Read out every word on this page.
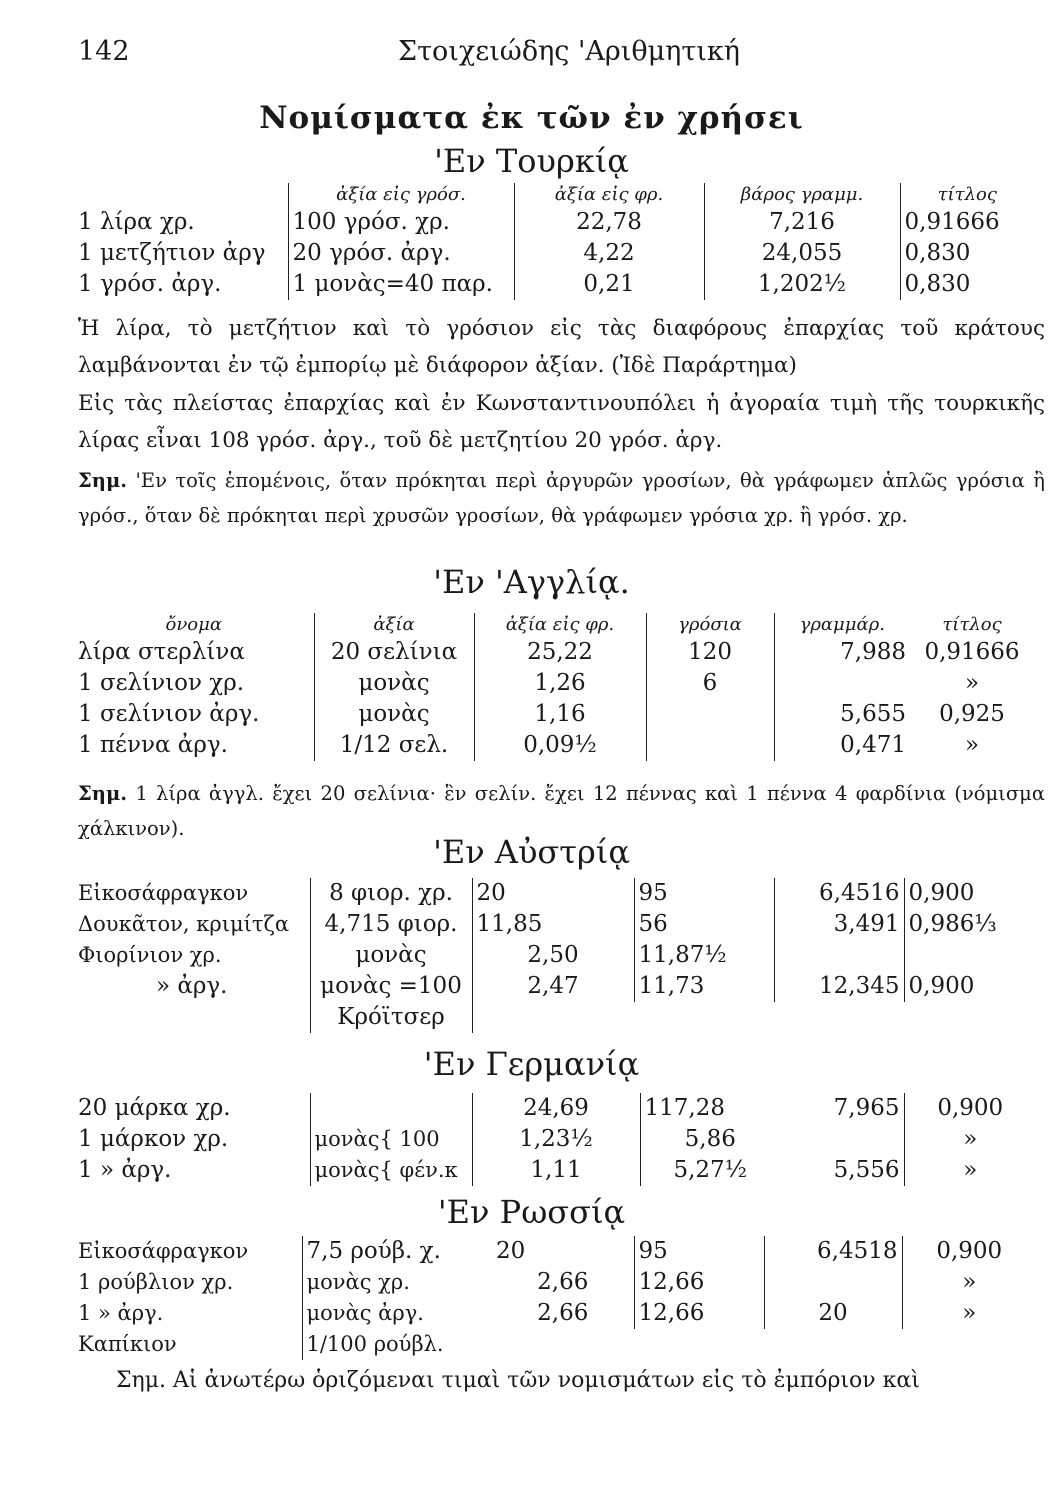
142	Στοιχειώδης 'Αριθμητική
Νομίσματα ἐκ τῶν ἐν χρήσει
'Εν Τουρκίᾳ
	ἀξία εἰς γρόσ.	ἀξία εἰς φρ.	βάρος γραμμ.	τίτλος
1 λίρα χρ.	100 γρόσ. χρ.	22,78	7,216	0,91666
1 μετζήτιον ἀργ	20 γρόσ. ἀργ.	4,22	24,055	0,830
1 γρόσ. ἀργ.	1 μονὰς=40 παρ.	0,21	1,202½	0,830
Ἡ λίρα, τὸ μετζήτιον καὶ τὸ γρόσιον εἰς τὰς διαφόρους ἐπαρχίας τοῦ κράτους λαμβάνονται ἐν τῷ ἐμπορίῳ μὲ διάφορον ἀξίαν. (Ἰδὲ Παράρτημα)
Εἰς τὰς πλείστας ἐπαρχίας καὶ ἐν Κωνσταντινουπόλει ἡ ἀγοραία τιμὴ τῆς τουρκικῆς λίρας εἶναι 108 γρόσ. ἀργ., τοῦ δὲ μετζητίου 20 γρόσ. ἀργ.
Σημ. 'Εν τοῖς ἑπομένοις, ὅταν πρόκηται περὶ ἀργυρῶν γροσίων, θὰ γράφωμεν ἁπλῶς γρόσια ἢ γρόσ., ὅταν δὲ πρόκηται περὶ χρυσῶν γροσίων, θὰ γράφωμεν γρόσια χρ. ἢ γρόσ. χρ.
'Εν 'Αγγλίᾳ.
ὄνομα	ἀξία	ἀξία εἰς φρ.	γρόσια	γραμμάρ.	τίτλος
λίρα στερλίνα	20 σελίνια	25,22	120	7,988	0,91666
1 σελίνιον χρ.	μονὰς	1,26	6		»
1 σελίνιον ἀργ.	μονὰς	1,16		5,655	0,925
1 πέννα ἀργ.	1/12 σελ.	0,09½		0,471	»
Σημ. 1 λίρα ἀγγλ. ἔχει 20 σελίνια· ἓν σελίν. ἔχει 12 πέννας καὶ 1 πέννα 4 φαρδίνια (νόμισμα χάλκινον).
'Εν Αὐστρίᾳ
Εἰκοσάφραγκον	8 φιορ. χρ.	20	95	6,4516	0,900
Δουκᾶτον, κριμίτζα	4,715 φιορ.	11,85	56	3,491	0,986⅓
Φιορίνιον χρ.	μονὰς	2,50	11,87½		
» ἀργ.	μονὰς =100	2,47	11,73	12,345	0,900
	Κρόϊτσερ				
'Εν Γερμανίᾳ
20 μάρκα χρ.		24,69	117,28	7,965	0,900
1 μάρκον χρ.	μονὰς{ 100	1,23½	5,86		»
1 » ἀργ.	μονὰς{ φέν.κ	1,11	5,27½	5,556	»
'Εν Ρωσσίᾳ
Εἰκοσάφραγκον	7,5 ρούβ. χ.	20	95	6,4518	0,900
1 ρούβλιον χρ.	μονὰς χρ.	2,66	12,66		»
1 » ἀργ.	μονὰς ἀργ.	2,66	12,66	20	»
Καπίκιον	1/100 ρούβλ.				
Σημ. Αἱ ἀνωτέρω ὁριζόμεναι τιμαὶ τῶν νομισμάτων εἰς τὸ ἐμπόριον καὶ
